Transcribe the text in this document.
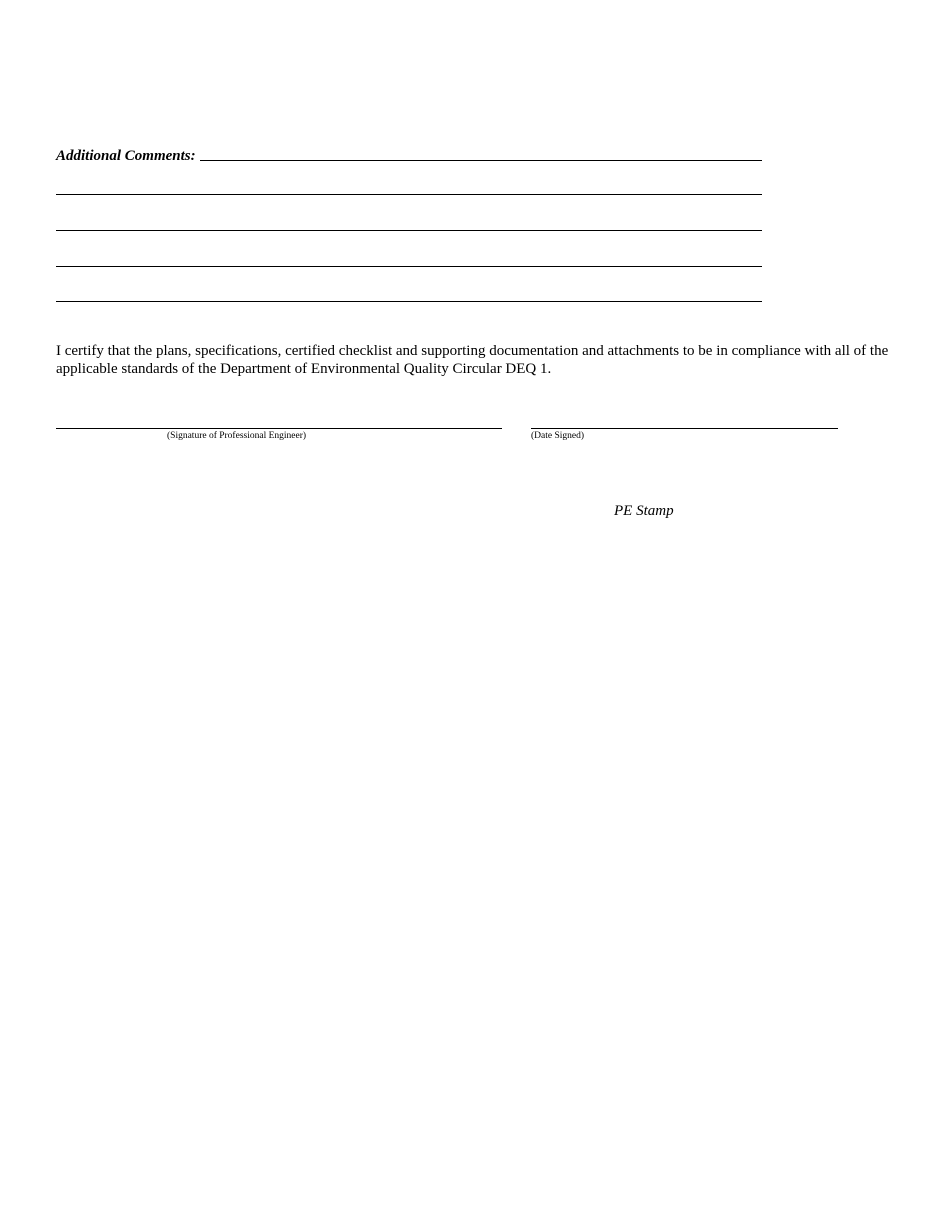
Additional Comments:

I certify that the plans, specifications, certified checklist and supporting documentation and attachments to be in compliance with all of the applicable standards of the Department of Environmental Quality Circular DEQ 1.

(Signature of Professional Engineer)	(Date Signed)
PE Stamp
